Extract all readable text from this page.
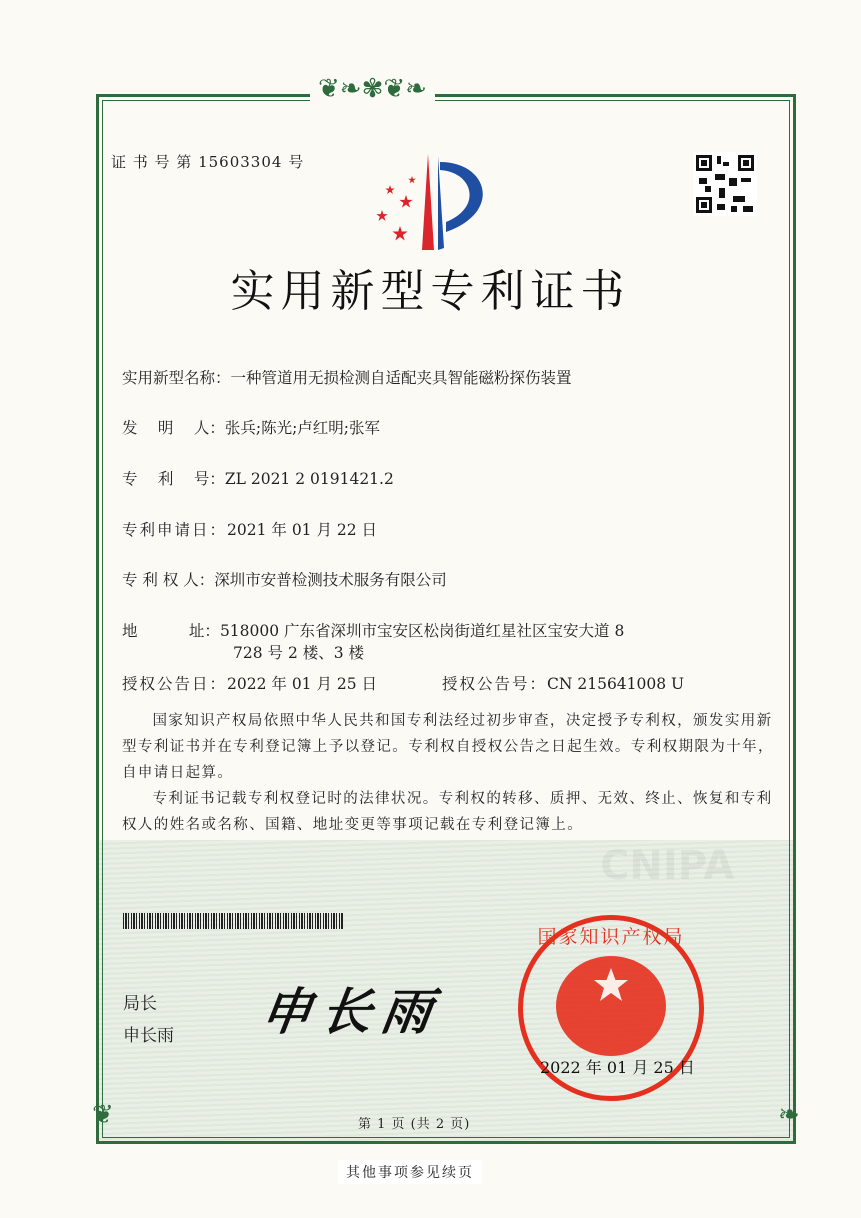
❦❧✾❦❧
❦	❧
CNIPA
证 书 号 第 15603304 号
实用新型专利证书
实用新型名称：一种管道用无损检测自适配夹具智能磁粉探伤装置
发　 明　 人：张兵;陈光;卢红明;张军
专　 利　 号：ZL 2021 2 0191421.2
专利申请日：2021 年 01 月 22 日
专 利 权 人：深圳市安普检测技术服务有限公司
地　　　 址：518000 广东省深圳市宝安区松岗街道红星社区宝安大道 8
728 号 2 楼、3 楼
授权公告日：2022 年 01 月 25 日	授权公告号：CN 215641008 U
国家知识产权局依照中华人民共和国专利法经过初步审查，决定授予专利权，颁发实用新型专利证书并在专利登记簿上予以登记。专利权自授权公告之日起生效。专利权期限为十年，自申请日起算。
专利证书记载专利权登记时的法律状况。专利权的转移、质押、无效、终止、恢复和专利权人的姓名或名称、国籍、地址变更等事项记载在专利登记簿上。
局长
申长雨 申长雨
国家知识产权局
2022 年 01 月 25 日
第 1 页 (共 2 页)
其他事项参见续页
